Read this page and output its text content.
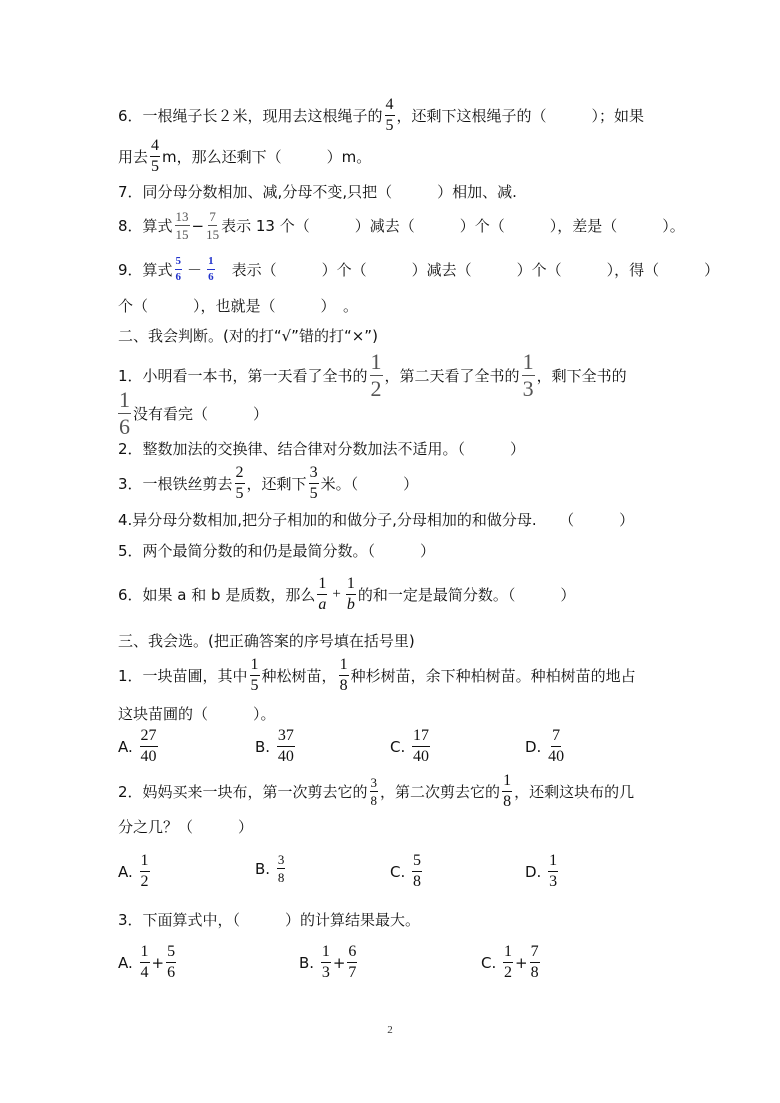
6．一根绳子长２米，现用去这根绳子的 $\frac{4}{5}$ ，还剩下这根绳子的（　　　）；如果
用去 $\frac{4}{5}$ m，那么还剩下（　　　）m。
7．同分母分数相加、减,分母不变,只把（　　　）相加、减.
8．算式 $\frac{13}{15} - \frac{7}{15}$ 表示 13 个（　　　）减去（　　　）个（　　　），差是（　　　）。
9．算式 $\frac{5}{6} - \frac{1}{6}$ 　表示（　　　）个（　　　）减去（　　　）个（　　　），得（　　　）
个（　　　），也就是（　　　）　。
二、我会判断。(对的打“√”错的打“×”)
1．小明看一本书，第一天看了全书的 $\frac{1}{2}$ ，第二天看了全书的 $\frac{1}{3}$ ，剩下全书的
$\frac{1}{6}$ 没有看完（　　　）
2．整数加法的交换律、结合律对分数加法不适用。（　　　）
3．一根铁丝剪去 $\frac{2}{5}$ ，还剩下 $\frac{3}{5}$ 米。（　　　）
4.异分母分数相加,把分子相加的和做分子,分母相加的和做分母.　　（　　　）
5．两个最简分数的和仍是最简分数。（　　　）
6．如果 a 和 b 是质数，那么 $\frac{1}{a} + \frac{1}{b}$ 的和一定是最简分数。（　　　）
三、我会选。(把正确答案的序号填在括号里)
1．一块苗圃，其中 $\frac{1}{5}$ 种松树苗， $\frac{1}{8}$ 种杉树苗，余下种柏树苗。种柏树苗的地占
这块苗圃的（　　　）。
A.
$\frac{27}{40}$	B.
$\frac{37}{40}$	C.
$\frac{17}{40}$	D.
$\frac{7}{40}$
2．妈妈买来一块布，第一次剪去它的 $\frac{3}{8}$ ，第二次剪去它的 $\frac{1}{8}$ ，还剩这块布的几
分之几？（　　　）
A.
$\frac{1}{2}$	B.
$\frac{3}{8}$	C.
$\frac{5}{8}$	D.
$\frac{1}{3}$
3．下面算式中，（　　　）的计算结果最大。
A.
$\frac{1}{4} + \frac{5}{6}$	B.
$\frac{1}{3} + \frac{6}{7}$	C.
$\frac{1}{2} + \frac{7}{8}$
2
